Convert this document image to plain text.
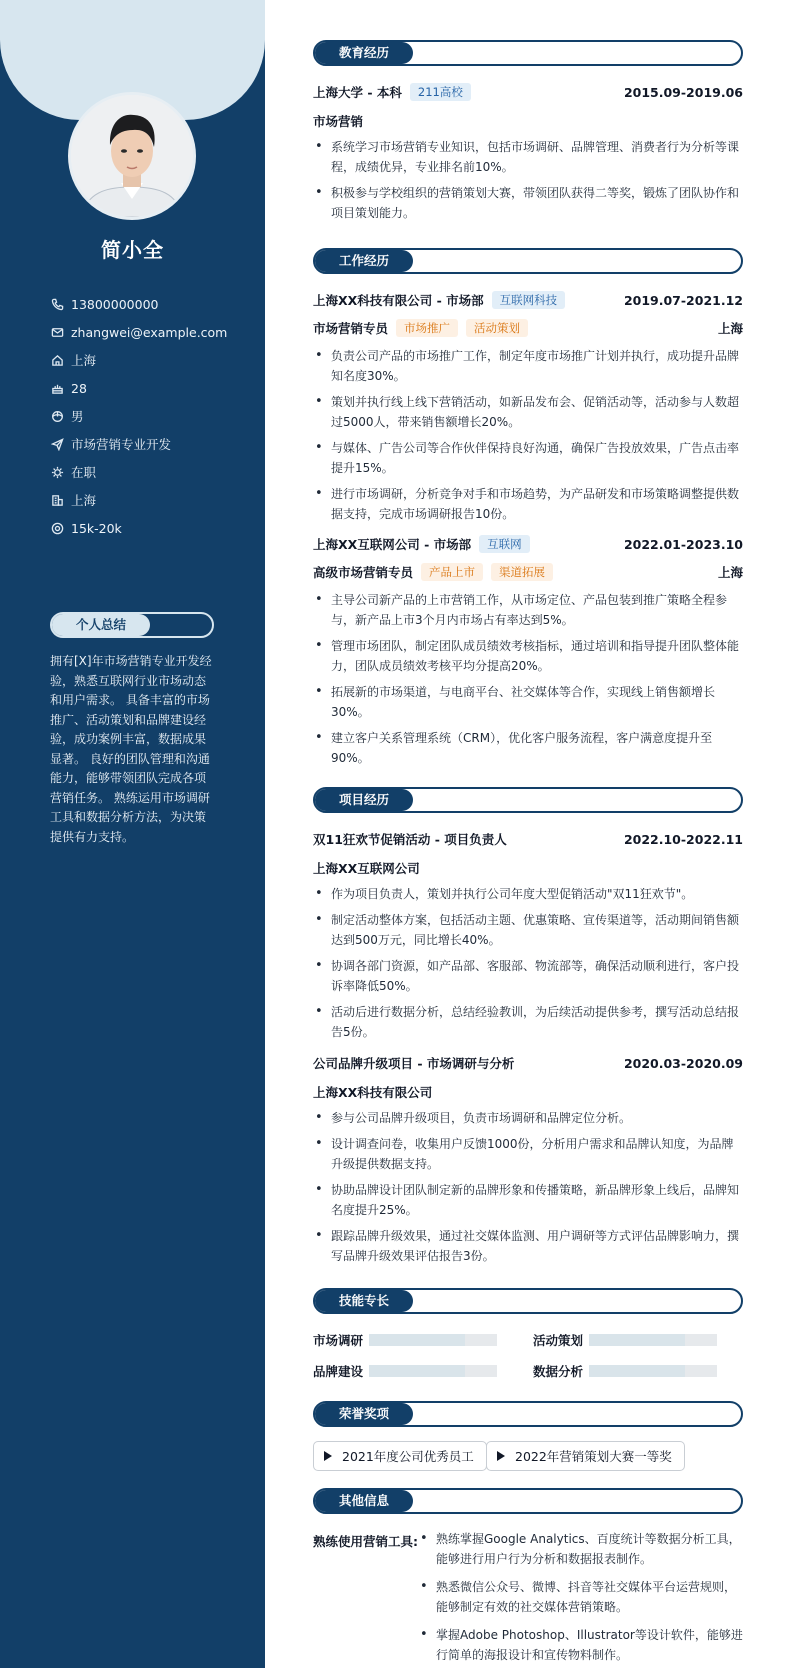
简小全
13800000000
zhangwei@example.com
上海
28
男
市场营销专业开发
在职
上海
15k-20k
个人总结
拥有[X]年市场营销专业开发经验，熟悉互联网行业市场动态和用户需求。 具备丰富的市场推广、活动策划和品牌建设经验，成功案例丰富，数据成果显著。 良好的团队管理和沟通能力，能够带领团队完成各项营销任务。 熟练运用市场调研工具和数据分析方法，为决策提供有力支持。
教育经历
上海大学 - 本科	211高校	2015.09-2019.06
市场营销
• 系统学习市场营销专业知识，包括市场调研、品牌管理、消费者行为分析等课程，成绩优异，专业排名前10%。
• 积极参与学校组织的营销策划大赛，带领团队获得二等奖，锻炼了团队协作和项目策划能力。
工作经历
上海XX科技有限公司 - 市场部	互联网科技	2019.07-2021.12
市场营销专员	市场推广	活动策划	上海
• 负责公司产品的市场推广工作，制定年度市场推广计划并执行，成功提升品牌知名度30%。
• 策划并执行线上线下营销活动，如新品发布会、促销活动等，活动参与人数超过5000人，带来销售额增长20%。
• 与媒体、广告公司等合作伙伴保持良好沟通，确保广告投放效果，广告点击率提升15%。
• 进行市场调研，分析竞争对手和市场趋势，为产品研发和市场策略调整提供数据支持，完成市场调研报告10份。
上海XX互联网公司 - 市场部	互联网	2022.01-2023.10
高级市场营销专员	产品上市	渠道拓展	上海
• 主导公司新产品的上市营销工作，从市场定位、产品包装到推广策略全程参与，新产品上市3个月内市场占有率达到5%。
• 管理市场团队，制定团队成员绩效考核指标，通过培训和指导提升团队整体能力，团队成员绩效考核平均分提高20%。
• 拓展新的市场渠道，与电商平台、社交媒体等合作，实现线上销售额增长30%。
• 建立客户关系管理系统（CRM），优化客户服务流程，客户满意度提升至90%。
项目经历
双11狂欢节促销活动 - 项目负责人	2022.10-2022.11
上海XX互联网公司
• 作为项目负责人，策划并执行公司年度大型促销活动"双11狂欢节"。
• 制定活动整体方案，包括活动主题、优惠策略、宣传渠道等，活动期间销售额达到500万元，同比增长40%。
• 协调各部门资源，如产品部、客服部、物流部等，确保活动顺利进行，客户投诉率降低50%。
• 活动后进行数据分析，总结经验教训，为后续活动提供参考，撰写活动总结报告5份。
公司品牌升级项目 - 市场调研与分析	2020.03-2020.09
上海XX科技有限公司
• 参与公司品牌升级项目，负责市场调研和品牌定位分析。
• 设计调查问卷，收集用户反馈1000份，分析用户需求和品牌认知度，为品牌升级提供数据支持。
• 协助品牌设计团队制定新的品牌形象和传播策略，新品牌形象上线后，品牌知名度提升25%。
• 跟踪品牌升级效果，通过社交媒体监测、用户调研等方式评估品牌影响力，撰写品牌升级效果评估报告3份。
技能专长
市场调研	活动策划
品牌建设	数据分析
荣誉奖项
2021年度公司优秀员工	2022年营销策划大赛一等奖
其他信息
熟练使用营销工具:
•	熟练掌握Google Analytics、百度统计等数据分析工具，能够进行用户行为分析和数据报表制作。
• 熟悉微信公众号、微博、抖音等社交媒体平台运营规则，能够制定有效的社交媒体营销策略。
• 掌握Adobe Photoshop、Illustrator等设计软件，能够进行简单的海报设计和宣传物料制作。
